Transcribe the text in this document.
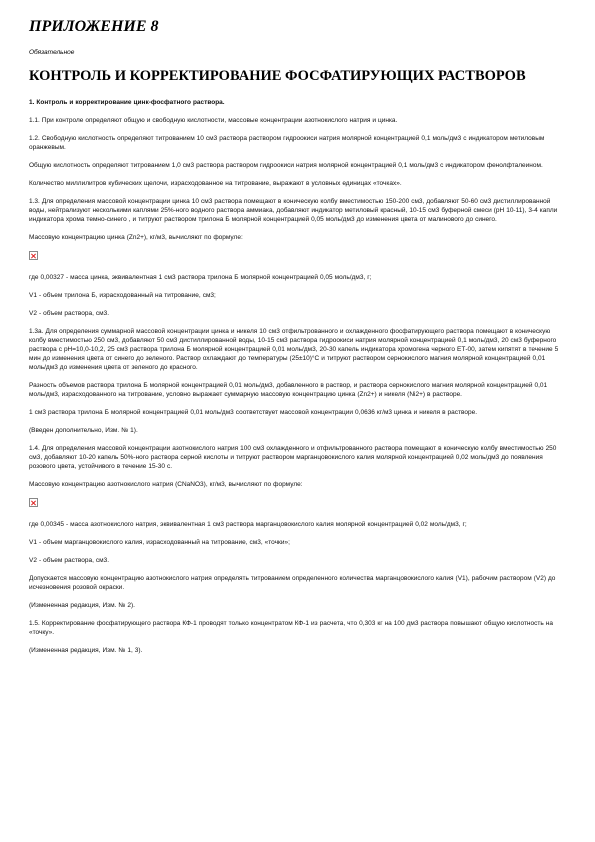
ПРИЛОЖЕНИЕ 8
Обязательное
КОНТРОЛЬ И КОРРЕКТИРОВАНИЕ ФОСФАТИРУЮЩИХ РАСТВОРОВ
1. Контроль и корректирование цинк-фосфатного раствора.
1.1. При контроле определяют общую и свободную кислотности, массовые концентрации азотнокислого натрия и цинка.
1.2. Свободную кислотность определяют титрованием 10 см3 раствора раствором гидроокиси натрия молярной концентрацией 0,1 моль/дм3 с индикатором метиловым оранжевым.
Общую кислотность определяют титрованием 1,0 см3 раствора раствором гидроокиси натрия молярной концентрацией 0,1 моль/дм3 с индикатором фенолфталеином.
Количество миллилитров кубических щелочи, израсходованное на титрование, выражают в условных единицах «точках».
1.3. Для определения массовой концентрации цинка 10 см3 раствора помещают в коническую колбу вместимостью 150-200 см3, добавляют 50-60 см3 дистиллированной воды, нейтрализуют несколькими каплями 25%-ного водного раствора аммиака, добавляют индикатор метиловый красный, 10-15 см3 буферной смеси (рН 10-11), 3-4 капли индикатора хрома темно-синего , и титруют раствором трилона Б молярной концентрацией 0,05 моль/дм3 до изменения цвета от малинового до синего.
Массовую концентрацию цинка (Zn2+), кг/м3, вычисляют по формуле:
где 0,00327 - масса цинка, эквивалентная 1 см3 раствора трилона Б молярной концентрацией 0,05 моль/дм3, г;
V1 - объем трилона Б, израсходованный на титрование, см3;
V2 - объем раствора, см3.
1.3а. Для определения суммарной массовой концентрации цинка и никеля 10 см3 отфильтрованного и охлажденного фосфатирующего раствора помещают в коническую колбу вместимостью 250 см3, добавляют 50 см3 дистиллированной воды, 10-15 см3 раствора гидроокиси натрия молярной концентрацией 0,1 моль/дм3, 20 см3 буферного раствора с рН=10,0-10,2, 25 см3 раствора трилона Б молярной концентрацией 0,01 моль/дм3, 20-30 капель индикатора хромогена черного ЕТ-00, затем кипятят в течение 5 мин до изменения цвета от синего до зеленого. Раствор охлаждают до температуры (25±10)°С и титруют раствором сернокислого магния молярной концентрацией 0,01 моль/дм3 до изменения цвета от зеленого до красного.
Разность объемов раствора трилона Б молярной концентрацией 0,01 моль/дм3, добавленного в раствор, и раствора сернокислого магния молярной концентрацией 0,01 моль/дм3, израсходованного на титрование, условно выражает суммарную массовую концентрацию цинка (Zn2+) и никеля (Ni2+) в растворе.
1 см3 раствора трилона Б молярной концентрацией 0,01 моль/дм3 соответствует массовой концентрации 0,0636 кг/м3 цинка и никеля в растворе.
(Введен дополнительно, Изм. № 1).
1.4. Для определения массовой концентрации азотнокислого натрия 100 см3 охлажденного и отфильтрованного раствора помещают в коническую колбу вместимостью 250 см3, добавляют 10-20 капель 50%-ного раствора серной кислоты и титруют раствором марганцовокислого калия молярной концентрацией 0,02 моль/дм3 до появления розового цвета, устойчивого в течение 15-30 с.
Массовую концентрацию азотнокислого натрия (СNaNO3), кг/м3, вычисляют по формуле:
где 0,00345 - масса азотнокислого натрия, эквивалентная 1 см3 раствора марганцовокислого калия молярной концентрацией 0,02 моль/дм3, г;
V1 - объем марганцовокислого калия, израсходованный на титрование, см3, «точки»;
V2 - объем раствора, см3.
Допускается массовую концентрацию азотнокислого натрия определять титрованием определенного количества марганцовокислого калия (V1), рабочим раствором (V2) до исчезновения розовой окраски.
(Измененная редакция, Изм. № 2).
1.5. Корректирование фосфатирующего раствора КФ-1 проводят только концентратом КФ-1 из расчета, что 0,303 кг на 100 дм3 раствора повышают общую кислотность на «точку».
(Измененная редакция, Изм. № 1, 3).
